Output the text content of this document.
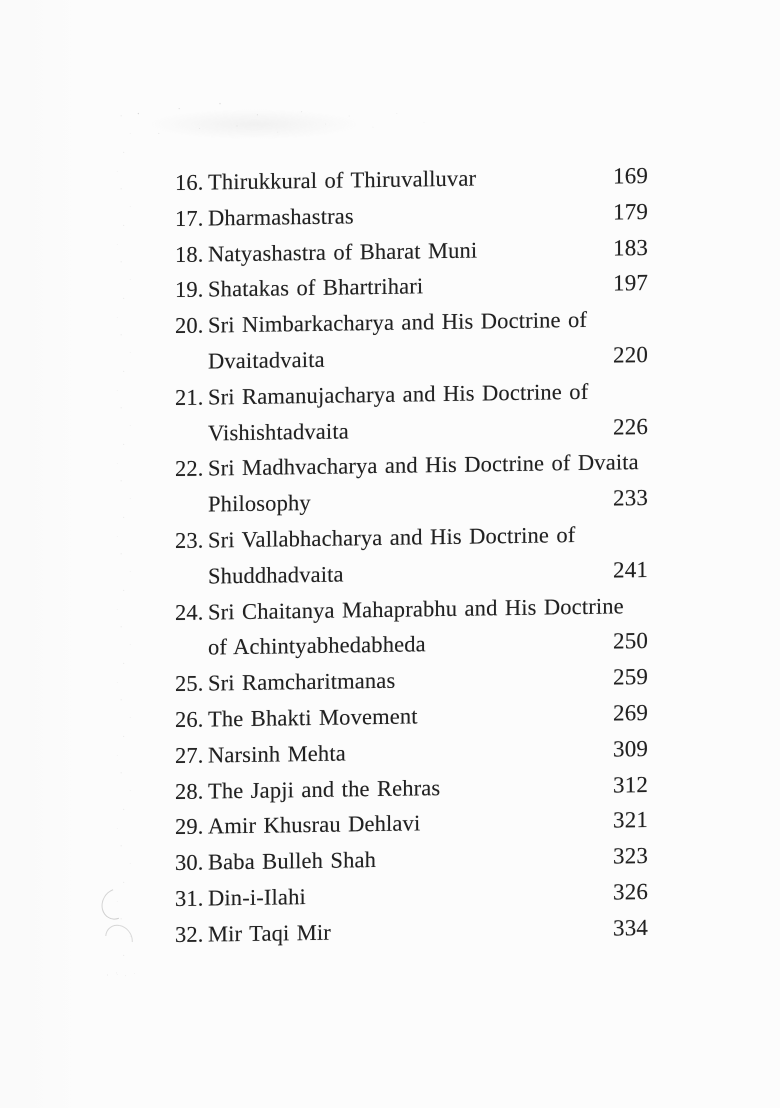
16. Thirukkural of Thiruvalluvar	169
17. Dharmashastras	179
18. Natyashastra of Bharat Muni	183
19. Shatakas of Bhartrihari	197
20. Sri Nimbarkacharya and His Doctrine of
Dvaitadvaita	220
21. Sri Ramanujacharya and His Doctrine of
Vishishtadvaita	226
22. Sri Madhvacharya and His Doctrine of Dvaita
Philosophy	233
23. Sri Vallabhacharya and His Doctrine of
Shuddhadvaita	241
24. Sri Chaitanya Mahaprabhu and His Doctrine
of Achintyabhedabheda	250
25. Sri Ramcharitmanas	259
26. The Bhakti Movement	269
27. Narsinh Mehta	309
28. The Japji and the Rehras	312
29. Amir Khusrau Dehlavi	321
30. Baba Bulleh Shah	323
31. Din-i-Ilahi	326
32. Mir Taqi Mir	334
